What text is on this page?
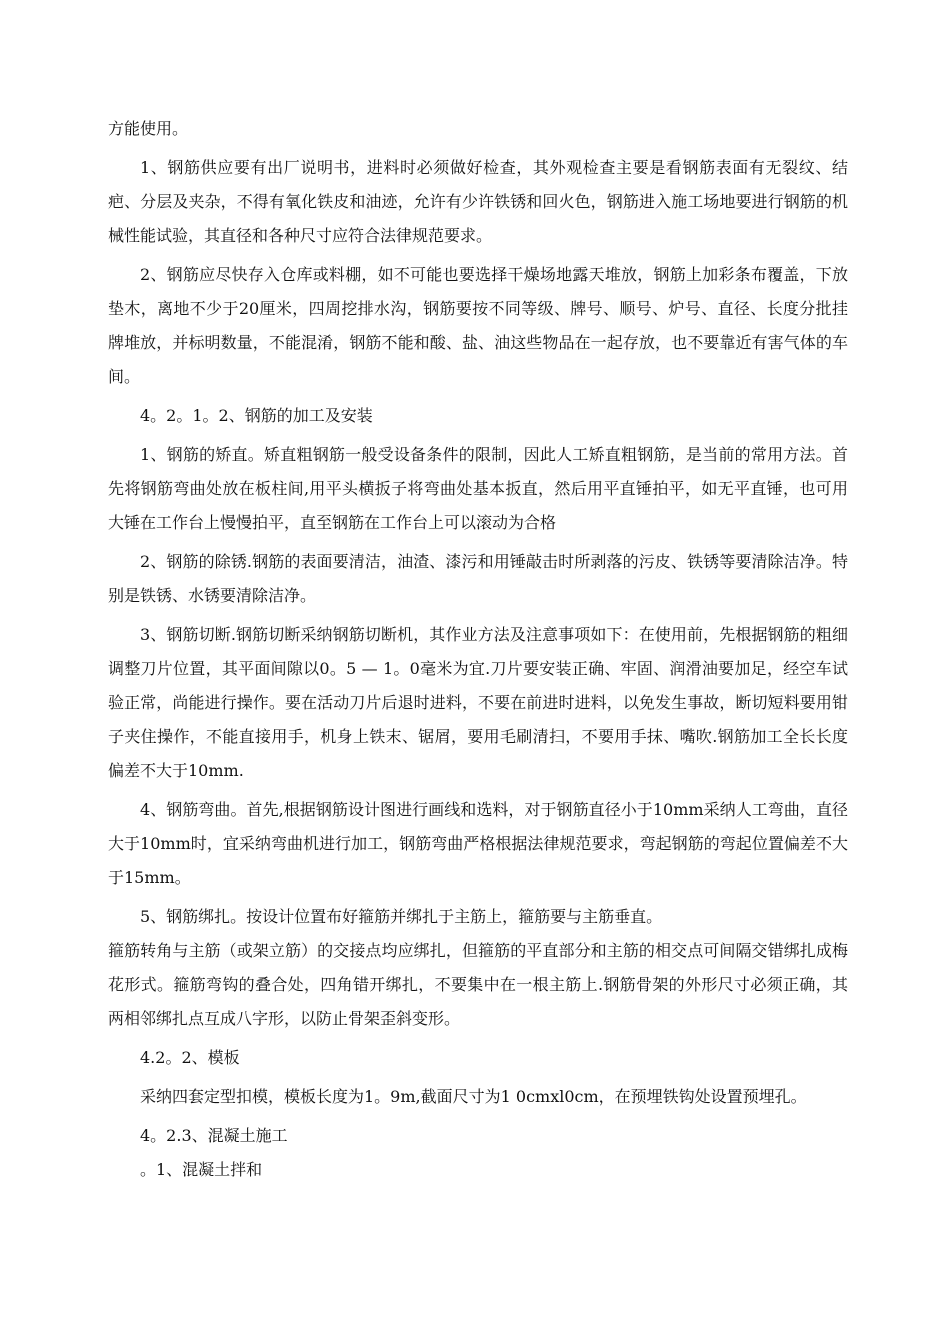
方能使用。

1、钢筋供应要有出厂说明书，进料时必须做好检查，其外观检查主要是看钢筋表面有无裂纹、结疤、分层及夹杂，不得有氧化铁皮和油迹，允许有少许铁锈和回火色，钢筋进入施工场地要进行钢筋的机械性能试验，其直径和各种尺寸应符合法律规范要求。

2、钢筋应尽快存入仓库或料棚，如不可能也要选择干燥场地露天堆放，钢筋上加彩条布覆盖，下放垫木，离地不少于20厘米，四周挖排水沟，钢筋要按不同等级、牌号、顺号、炉号、直径、长度分批挂牌堆放，并标明数量，不能混淆，钢筋不能和酸、盐、油这些物品在一起存放，也不要靠近有害气体的车间。

4。2。1。2、钢筋的加工及安装

1、钢筋的矫直。矫直粗钢筋一般受设备条件的限制，因此人工矫直粗钢筋，是当前的常用方法。首先将钢筋弯曲处放在板柱间,用平头横扳子将弯曲处基本扳直，然后用平直锤拍平，如无平直锤，也可用大锤在工作台上慢慢拍平，直至钢筋在工作台上可以滚动为合格

2、钢筋的除锈.钢筋的表面要清洁，油渣、漆污和用锤敲击时所剥落的污皮、铁锈等要清除洁净。特别是铁锈、水锈要清除洁净。

3、钢筋切断.钢筋切断采纳钢筋切断机，其作业方法及注意事项如下：在使用前，先根据钢筋的粗细调整刀片位置，其平面间隙以0。5 — 1。0毫米为宜.刀片要安装正确、牢固、润滑油要加足，经空车试验正常，尚能进行操作。要在活动刀片后退时进料，不要在前进时进料，以免发生事故，断切短料要用钳子夹住操作，不能直接用手，机身上铁末、锯屑，要用毛刷清扫，不要用手抹、嘴吹.钢筋加工全长长度偏差不大于10mm.

4、钢筋弯曲。首先,根据钢筋设计图进行画线和选料，对于钢筋直径小于10mm采纳人工弯曲，直径大于10mm时，宜采纳弯曲机进行加工，钢筋弯曲严格根据法律规范要求，弯起钢筋的弯起位置偏差不大于15mm。

5、钢筋绑扎。按设计位置布好箍筋并绑扎于主筋上，箍筋要与主筋垂直。

箍筋转角与主筋（或架立筋）的交接点均应绑扎，但箍筋的平直部分和主筋的相交点可间隔交错绑扎成梅花形式。箍筋弯钩的叠合处，四角错开绑扎，不要集中在一根主筋上.钢筋骨架的外形尺寸必须正确，其两相邻绑扎点互成八字形，以防止骨架歪斜变形。

4.2。2、模板

采纳四套定型扣模，模板长度为1。9m,截面尺寸为1 0cmxl0cm，在预埋铁钩处设置预埋孔。

4。2.3、混凝土施工

。1、混凝土拌和
